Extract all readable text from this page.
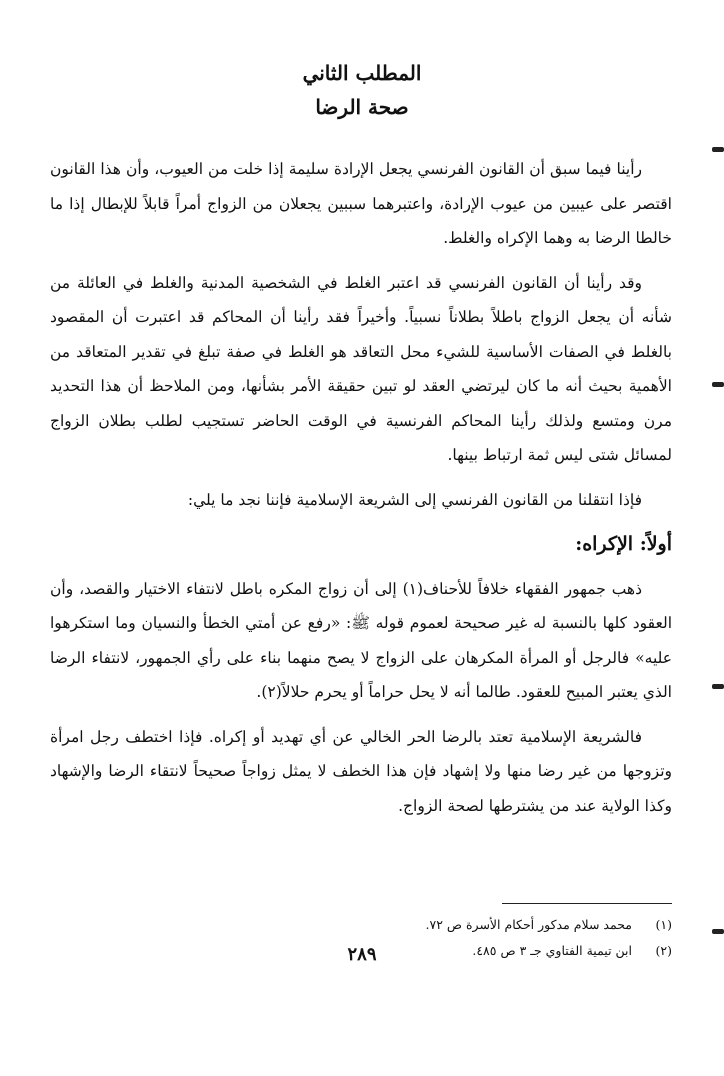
المطلب الثاني
صحة الرضا

رأينا فيما سبق أن القانون الفرنسي يجعل الإرادة سليمة إذا خلت من العيوب، وأن هذا القانون اقتصر على عيبين من عيوب الإرادة، واعتبرهما سببين يجعلان من الزواج أمراً قابلاً للإبطال إذا ما خالطا الرضا به وهما الإكراه والغلط.

وقد رأينا أن القانون الفرنسي قد اعتبر الغلط في الشخصية المدنية والغلط في العائلة من شأنه أن يجعل الزواج باطلاً بطلاناً نسبياً. وأخيراً فقد رأينا أن المحاكم قد اعتبرت أن المقصود بالغلط في الصفات الأساسية للشيء محل التعاقد هو الغلط في صفة تبلغ في تقدير المتعاقد من الأهمية بحيث أنه ما كان ليرتضي العقد لو تبين حقيقة الأمر بشأنها، ومن الملاحظ أن هذا التحديد مرن ومتسع ولذلك رأينا المحاكم الفرنسية في الوقت الحاضر تستجيب لطلب بطلان الزواج لمسائل شتى ليس ثمة ارتباط بينها.

فإذا انتقلنا من القانون الفرنسي إلى الشريعة الإسلامية فإننا نجد ما يلي:

أولاً: الإكراه:

ذهب جمهور الفقهاء خلافاً للأحناف(١) إلى أن زواج المكره باطل لانتفاء الاختيار والقصد، وأن العقود كلها بالنسبة له غير صحيحة لعموم قوله ﷺ: «رفع عن أمتي الخطأ والنسيان وما استكرهوا عليه» فالرجل أو المرأة المكرهان على الزواج لا يصح منهما بناء على رأي الجمهور، لانتفاء الرضا الذي يعتبر المبيح للعقود. طالما أنه لا يحل حراماً أو يحرم حلالاً(٢).

فالشريعة الإسلامية تعتد بالرضا الحر الخالي عن أي تهديد أو إكراه. فإذا اختطف رجل امرأة وتزوجها من غير رضا منها ولا إشهاد فإن هذا الخطف لا يمثل زواجاً صحيحاً لانتقاء الرضا والإشهاد وكذا الولاية عند من يشترطها لصحة الزواج.

(١)
محمد سلام مدكور أحكام الأسرة ص ٧٢.
(٢)
ابن تيمية الفتاوي جـ ٣ ص ٤٨٥.
٢٨٩
